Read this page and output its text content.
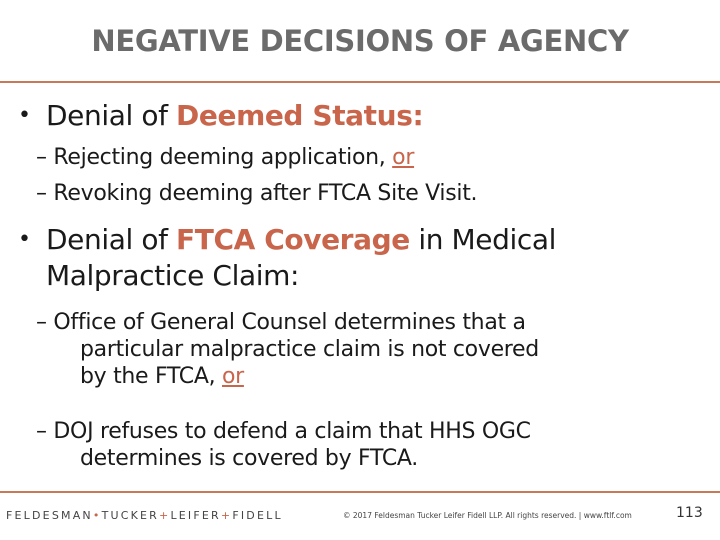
NEGATIVE DECISIONS OF AGENCY
• Denial of Deemed Status:
– Rejecting deeming application, or
– Revoking deeming after FTCA Site Visit.
• Denial of FTCA Coverage in Medical
Malpractice Claim:
– Office of General Counsel determines that a
particular malpractice claim is not covered
by the FTCA, or
– DOJ refuses to defend a claim that HHS OGC
determines is covered by FTCA.
FELDESMAN•TUCKER+LEIFER+FIDELL	© 2017 Feldesman Tucker Leifer Fidell LLP. All rights reserved. | www.ftlf.com	113
